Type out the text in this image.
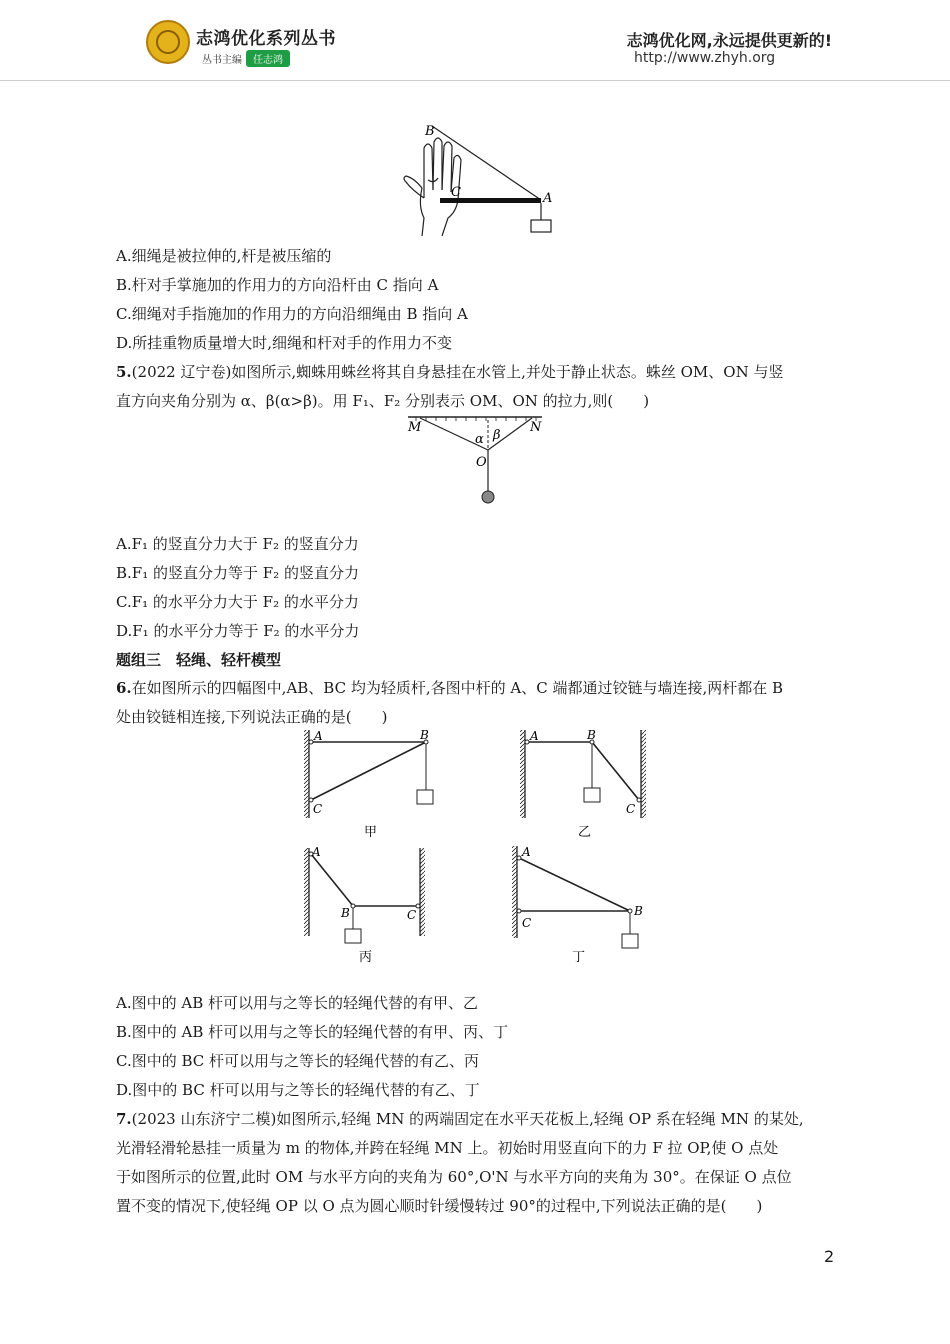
志鸿优化系列丛书
丛书主编 任志鸿
志鸿优化网,永远提供更新的!
http://www.zhyh.org
B
C	A
A.细绳是被拉伸的,杆是被压缩的
B.杆对手掌施加的作用力的方向沿杆由 C 指向 A
C.细绳对手指施加的作用力的方向沿细绳由 B 指向 A
D.所挂重物质量增大时,细绳和杆对手的作用力不变
5.(2022 辽宁卷)如图所示,蜘蛛用蛛丝将其自身悬挂在水管上,并处于静止状态。蛛丝 OM、ON 与竖
直方向夹角分别为 α、β(α>β)。用 F₁、F₂ 分别表示 OM、ON 的拉力,则(　　)
M	N
α β
O
A.F₁ 的竖直分力大于 F₂ 的竖直分力
B.F₁ 的竖直分力等于 F₂ 的竖直分力
C.F₁ 的水平分力大于 F₂ 的水平分力
D.F₁ 的水平分力等于 F₂ 的水平分力
题组三　轻绳、轻杆模型
6.在如图所示的四幅图中,AB、BC 均为轻质杆,各图中杆的 A、C 端都通过铰链与墙连接,两杆都在 B
处由铰链相连接,下列说法正确的是(　　)
A	B
C
甲
A	B
C
乙
A
B	C
丙
A
B
C
丁
A.图中的 AB 杆可以用与之等长的轻绳代替的有甲、乙
B.图中的 AB 杆可以用与之等长的轻绳代替的有甲、丙、丁
C.图中的 BC 杆可以用与之等长的轻绳代替的有乙、丙
D.图中的 BC 杆可以用与之等长的轻绳代替的有乙、丁
7.(2023 山东济宁二模)如图所示,轻绳 MN 的两端固定在水平天花板上,轻绳 OP 系在轻绳 MN 的某处,
光滑轻滑轮悬挂一质量为 m 的物体,并跨在轻绳 MN 上。初始时用竖直向下的力 F 拉 OP,使 O 点处
于如图所示的位置,此时 OM 与水平方向的夹角为 60°,O'N 与水平方向的夹角为 30°。在保证 O 点位
置不变的情况下,使轻绳 OP 以 O 点为圆心顺时针缓慢转过 90°的过程中,下列说法正确的是(　　)
2
